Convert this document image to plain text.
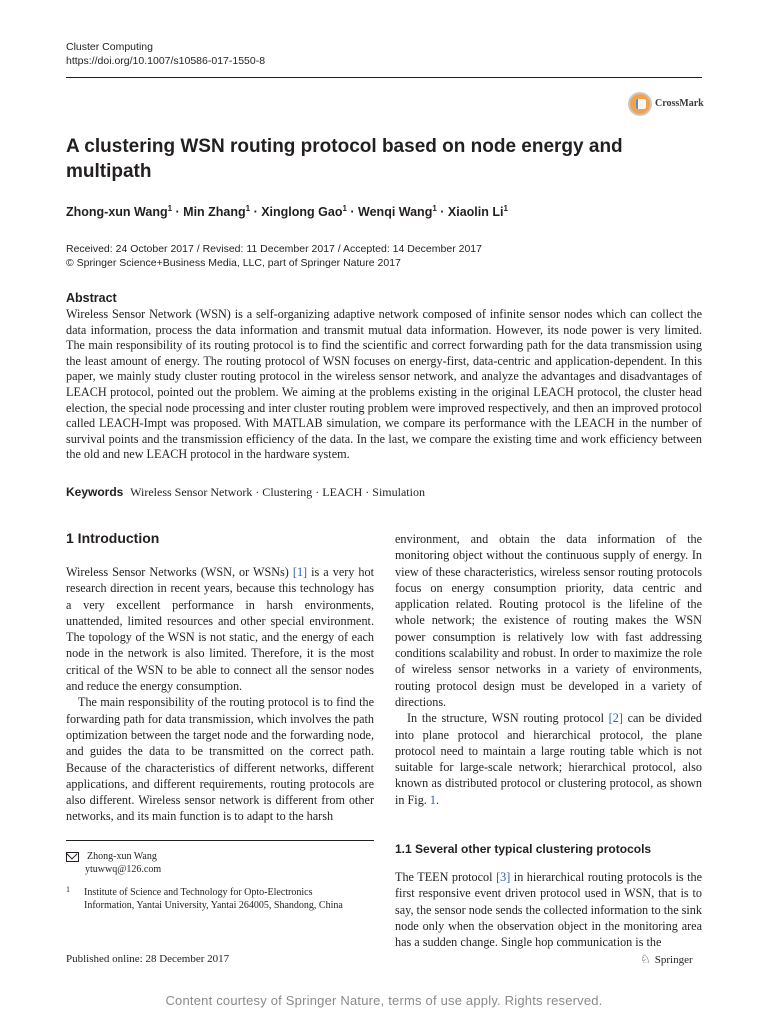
Cluster Computing
https://doi.org/10.1007/s10586-017-1550-8
CrossMark
A clustering WSN routing protocol based on node energy and multipath
Zhong-xun Wang$^1$ · Min Zhang$^1$ · Xinglong Gao$^1$ · Wenqi Wang$^1$ · Xiaolin Li$^1$
Received: 24 October 2017 / Revised: 11 December 2017 / Accepted: 14 December 2017
© Springer Science+Business Media, LLC, part of Springer Nature 2017
Abstract
Wireless Sensor Network (WSN) is a self-organizing adaptive network composed of infinite sensor nodes which can collect the data information, process the data information and transmit mutual data information. However, its node power is very limited. The main responsibility of its routing protocol is to find the scientific and correct forwarding path for the data transmission using the least amount of energy. The routing protocol of WSN focuses on energy-first, data-centric and application-dependent. In this paper, we mainly study cluster routing protocol in the wireless sensor network, and analyze the advantages and disadvantages of LEACH protocol, pointed out the problem. We aiming at the problems existing in the original LEACH protocol, the cluster head election, the special node processing and inter cluster routing problem were improved respectively, and then an improved protocol called LEACH-Impt was proposed. With MATLAB simulation, we compare its performance with the LEACH in the number of survival points and the transmission efficiency of the data. In the last, we compare the existing time and work efficiency between the old and new LEACH protocol in the hardware system.
Keywords Wireless Sensor Network · Clustering · LEACH · Simulation
1 Introduction

Wireless Sensor Networks (WSN, or WSNs) [1] is a very hot research direction in recent years, because this technology has a very excellent performance in harsh environments, unattended, limited resources and other special environment. The topology of the WSN is not static, and the energy of each node in the network is also limited. Therefore, it is the most critical of the WSN to be able to connect all the sensor nodes and reduce the energy consumption.

The main responsibility of the routing protocol is to find the forwarding path for data transmission, which involves the path optimization between the target node and the forwarding node, and guides the data to be transmitted on the correct path. Because of the characteristics of different networks, different applications, and different requirements, routing protocols are also different. Wireless sensor network is different from other networks, and its main function is to adapt to the harsh

environment, and obtain the data information of the monitoring object without the continuous supply of energy. In view of these characteristics, wireless sensor routing protocols focus on energy consumption priority, data centric and application related. Routing protocol is the lifeline of the whole network; the existence of routing makes the WSN power consumption is relatively low with fast addressing conditions scalability and robust. In order to maximize the role of wireless sensor networks in a variety of environments, routing protocol design must be developed in a variety of directions.

In the structure, WSN routing protocol [2] can be divided into plane protocol and hierarchical protocol, the plane protocol need to maintain a large routing table which is not suitable for large-scale network; hierarchical protocol, also known as distributed protocol or clustering protocol, as shown in Fig. 1.

1.1 Several other typical clustering protocols

The TEEN protocol [3] in hierarchical routing protocols is the first responsive event driven protocol used in WSN, that is to say, the sensor node sends the collected information to the sink node only when the observation object in the monitoring area has a sudden change. Single hop communication is the

Zhong-xun Wang
ytuwwq@126.com
1 Institute of Science and Technology for Opto-Electronics Information, Yantai University, Yantai 264005, Shandong, China
Published online: 28 December 2017	♘ Springer
Content courtesy of Springer Nature, terms of use apply. Rights reserved.
